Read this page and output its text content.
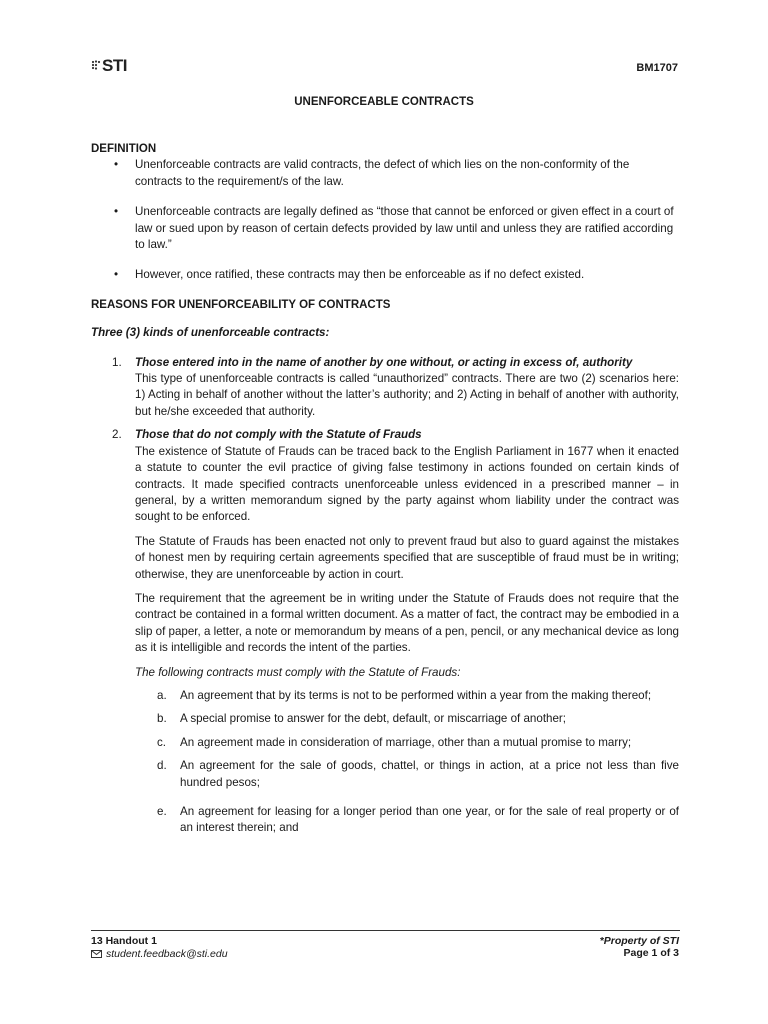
STI	BM1707
UNENFORCEABLE CONTRACTS
DEFINITION
• Unenforceable contracts are valid contracts, the defect of which lies on the non-conformity of the contracts to the requirement/s of the law.
• Unenforceable contracts are legally defined as “those that cannot be enforced or given effect in a court of law or sued upon by reason of certain defects provided by law until and unless they are ratified according to law.”
• However, once ratified, these contracts may then be enforceable as if no defect existed.
REASONS FOR UNENFORCEABILITY OF CONTRACTS
Three (3) kinds of unenforceable contracts:
1. Those entered into in the name of another by one without, or acting in excess of, authority
This type of unenforceable contracts is called “unauthorized” contracts. There are two (2) scenarios here: 1) Acting in behalf of another without the latter’s authority; and 2) Acting in behalf of another with authority, but he/she exceeded that authority.
2. Those that do not comply with the Statute of Frauds
The existence of Statute of Frauds can be traced back to the English Parliament in 1677 when it enacted a statute to counter the evil practice of giving false testimony in actions founded on certain kinds of contracts. It made specified contracts unenforceable unless evidenced in a prescribed manner – in general, by a written memorandum signed by the party against whom liability under the contract was sought to be enforced.
The Statute of Frauds has been enacted not only to prevent fraud but also to guard against the mistakes of honest men by requiring certain agreements specified that are susceptible of fraud must be in writing; otherwise, they are unenforceable by action in court.
The requirement that the agreement be in writing under the Statute of Frauds does not require that the contract be contained in a formal written document. As a matter of fact, the contract may be embodied in a slip of paper, a letter, a note or memorandum by means of a pen, pencil, or any mechanical device as long as it is intelligible and records the intent of the parties.
The following contracts must comply with the Statute of Frauds:
a. An agreement that by its terms is not to be performed within a year from the making thereof;
b. A special promise to answer for the debt, default, or miscarriage of another;
c. An agreement made in consideration of marriage, other than a mutual promise to marry;
d. An agreement for the sale of goods, chattel, or things in action, at a price not less than five hundred pesos;
e. An agreement for leasing for a longer period than one year, or for the sale of real property or of an interest therein; and
13 Handout 1
student.feedback@sti.edu
*Property of STI
Page 1 of 3
